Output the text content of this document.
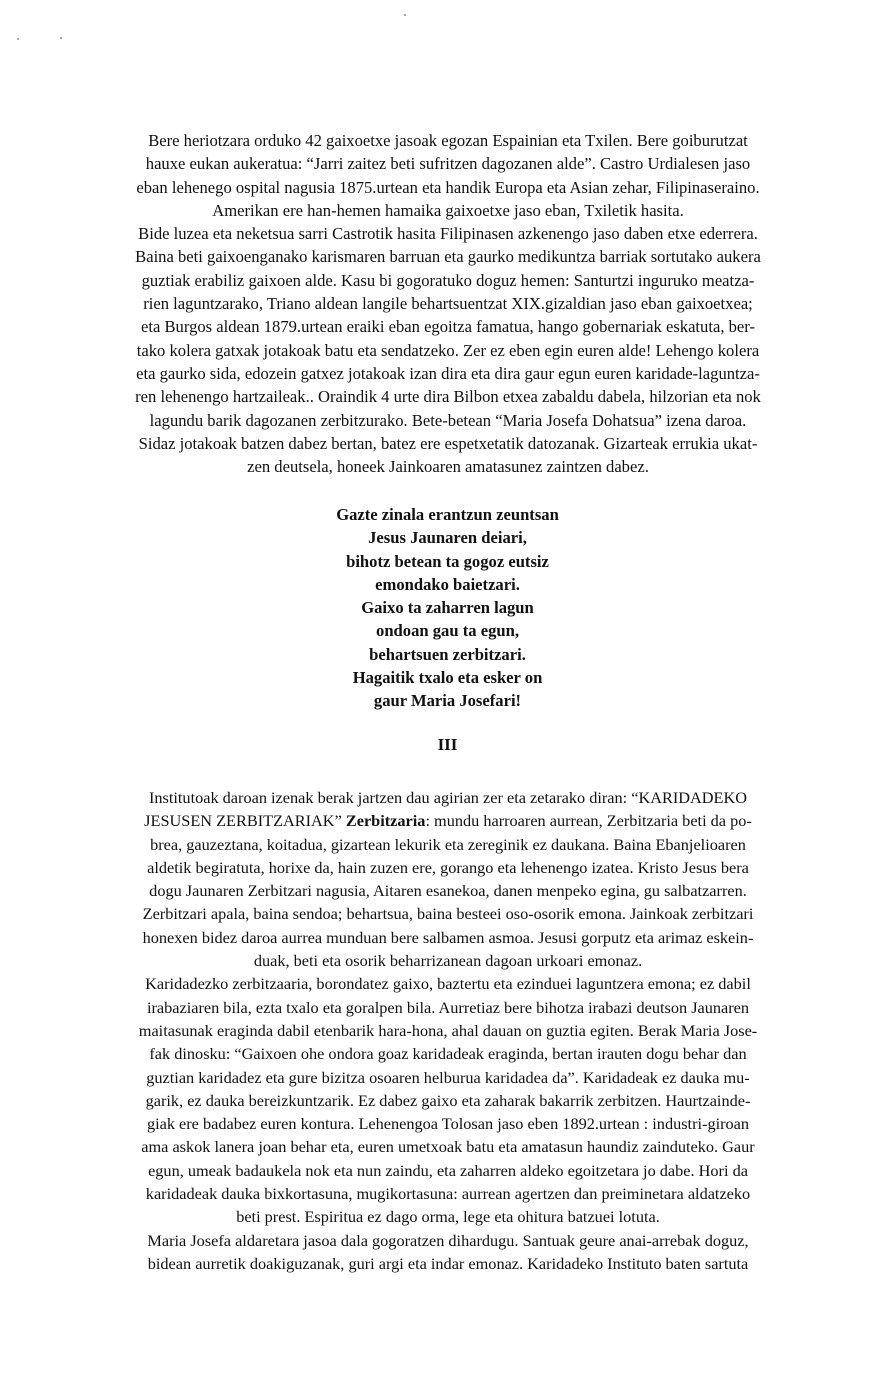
Bere heriotzara orduko 42 gaixoetxe jasoak egozan Espainian eta Txilen. Bere goiburutzat
hauxe eukan aukeratua: “Jarri zaitez beti sufritzen dagozanen alde”. Castro Urdialesen jaso
eban lehenego ospital nagusia 1875.urtean eta handik Europa eta Asian zehar, Filipinaseraino.
Amerikan ere han-hemen hamaika gaixoetxe jaso eban, Txiletik hasita.
Bide luzea eta neketsua sarri Castrotik hasita Filipinasen azkenengo jaso daben etxe ederrera.
Baina beti gaixoenganako karismaren barruan eta gaurko medikuntza barriak sortutako aukera
guztiak erabiliz gaixoen alde. Kasu bi gogoratuko doguz hemen: Santurtzi inguruko meatza-
rien laguntzarako, Triano aldean langile behartsuentzat XIX.gizaldian jaso eban gaixoetxea;
eta Burgos aldean 1879.urtean eraiki eban egoitza famatua, hango gobernariak eskatuta, ber-
tako kolera gatxak jotakoak batu eta sendatzeko. Zer ez eben egin euren alde! Lehengo kolera
eta gaurko sida, edozein gatxez jotakoak izan dira eta dira gaur egun euren karidade-laguntza-
ren lehenengo hartzaileak.. Oraindik 4 urte dira Bilbon etxea zabaldu dabela, hilzorian eta nok
lagundu barik dagozanen zerbitzurako. Bete-betean “Maria Josefa Dohatsua” izena daroa.
Sidaz jotakoak batzen dabez bertan, batez ere espetxetatik datozanak. Gizarteak errukia ukat-
zen deutsela, honeek Jainkoaren amatasunez zaintzen dabez.
Gazte zinala erantzun zeuntsan
Jesus Jaunaren deiari,
bihotz betean ta gogoz eutsiz
emondako baietzari.
Gaixo ta zaharren lagun
ondoan gau ta egun,
behartsuen zerbitzari.
Hagaitik txalo eta esker on
gaur Maria Josefari!
III
Institutoak daroan izenak berak jartzen dau agirian zer eta zetarako diran: “KARIDADEKO
JESUSEN ZERBITZARIAK” Zerbitzaria: mundu harroaren aurrean, Zerbitzaria beti da po-
brea, gauzeztana, koitadua, gizartean lekurik eta zereginik ez daukana. Baina Ebanjelioaren
aldetik begiratuta, horixe da, hain zuzen ere, gorango eta lehenengo izatea. Kristo Jesus bera
dogu Jaunaren Zerbitzari nagusia, Aitaren esanekoa, danen menpeko egina, gu salbatzarren.
Zerbitzari apala, baina sendoa; behartsua, baina besteei oso-osorik emona. Jainkoak zerbitzari
honexen bidez daroa aurrea munduan bere salbamen asmoa. Jesusi gorputz eta arimaz eskein-
duak, beti eta osorik beharrizanean dagoan urkoari emonaz.
Karidadezko zerbitzaaria, borondatez gaixo, baztertu eta ezinduei laguntzera emona; ez dabil
irabaziaren bila, ezta txalo eta goralpen bila. Aurretiaz bere bihotza irabazi deutson Jaunaren
maitasunak eraginda dabil etenbarik hara-hona, ahal dauan on guztia egiten. Berak Maria Jose-
fak dinosku: “Gaixoen ohe ondora goaz karidadeak eraginda, bertan irauten dogu behar dan
guztian karidadez eta gure bizitza osoaren helburua karidadea da”. Karidadeak ez dauka mu-
garik, ez dauka bereizkuntzarik. Ez dabez gaixo eta zaharak bakarrik zerbitzen. Haurtzainde-
giak ere badabez euren kontura. Lehenengoa Tolosan jaso eben 1892.urtean : industri-giroan
ama askok lanera joan behar eta, euren umetxoak batu eta amatasun haundiz zainduteko. Gaur
egun, umeak badaukela nok eta nun zaindu, eta zaharren aldeko egoitzetara jo dabe. Hori da
karidadeak dauka bixkortasuna, mugikortasuna: aurrean agertzen dan preiminetara aldatzeko
beti prest. Espiritua ez dago orma, lege eta ohitura batzuei lotuta.
Maria Josefa aldaretara jasoa dala gogoratzen dihardugu. Santuak geure anai-arrebak doguz,
bidean aurretik doakiguzanak, guri argi eta indar emonaz. Karidadeko Instituto baten sartuta
